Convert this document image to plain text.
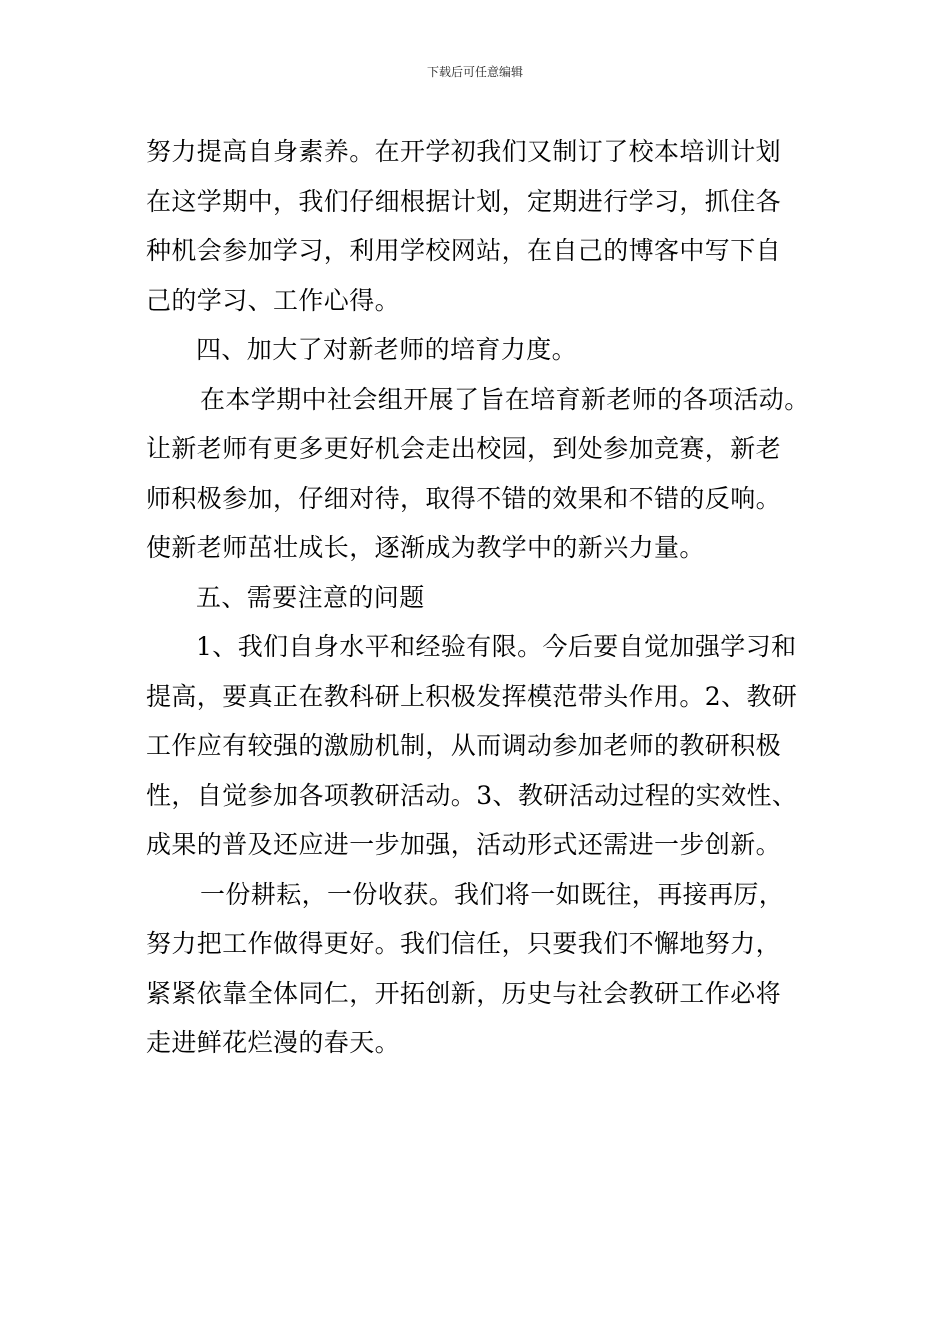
下载后可任意编辑

努力提高自身素养。在开学初我们又制订了校本培训计划

在这学期中，我们仔细根据计划，定期进行学习，抓住各

种机会参加学习，利用学校网站，在自己的博客中写下自

己的学习、工作心得。

四、加大了对新老师的培育力度。

在本学期中社会组开展了旨在培育新老师的各项活动。

让新老师有更多更好机会走出校园，到处参加竞赛，新老

师积极参加，仔细对待，取得不错的效果和不错的反响。

使新老师茁壮成长，逐渐成为教学中的新兴力量。

五、需要注意的问题

1、我们自身水平和经验有限。今后要自觉加强学习和

提高，要真正在教科研上积极发挥模范带头作用。2、教研

工作应有较强的激励机制，从而调动参加老师的教研积极

性，自觉参加各项教研活动。3、教研活动过程的实效性、

成果的普及还应进一步加强，活动形式还需进一步创新。

一份耕耘，一份收获。我们将一如既往，再接再厉，

努力把工作做得更好。我们信任，只要我们不懈地努力，

紧紧依靠全体同仁，开拓创新，历史与社会教研工作必将

走进鲜花烂漫的春天。
